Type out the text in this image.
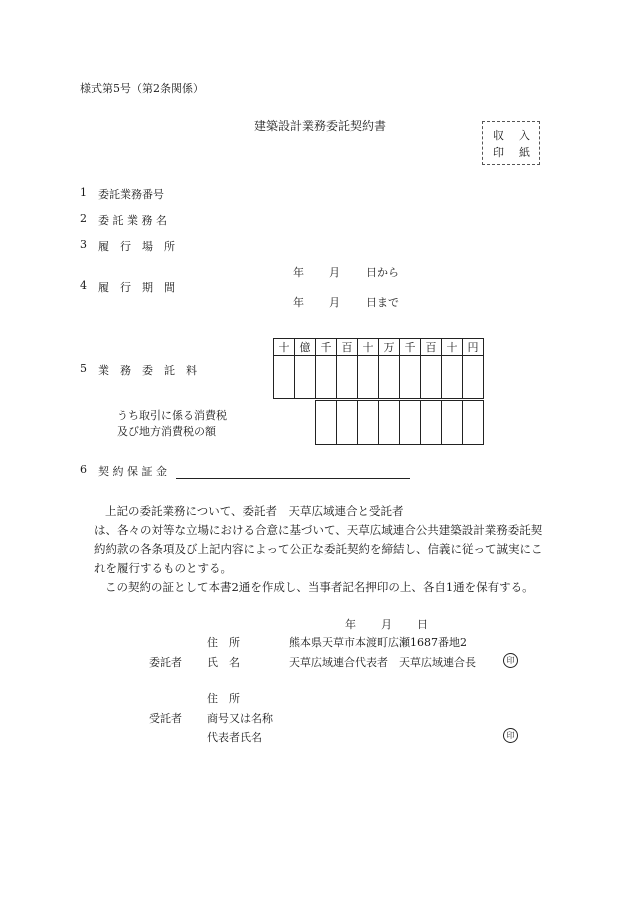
様式第5号（第2条関係）
建築設計業務委託契約書
収 入
印 紙
1 委託業務番号
2 委 託 業 務 名
3 履　行　場　所
年 月 日から
4 履　行　期　間
年 月 日まで
十	億	千	百	十	万	千	百	十	円

5 業　務　委　託　料

うち取引に係る消費税
及び地方消費税の額
6 契 約 保 証 金

上記の委託業務について、委託者　天草広域連合と受託者

は、各々の対等な立場における合意に基づいて、天草広域連合公共建築設計業務委託契

約約款の各条項及び上記内容によって公正な委託契約を締結し、信義に従って誠実にこ

れを履行するものとする。

この契約の証として本書2通を作成し、当事者記名押印の上、各自1通を保有する。

年 月 日
住　所	熊本県天草市本渡町広瀬1687番地2
委託者 氏　名	天草広域連合代表者　天草広域連合長	印
住　所
受託者 商号又は名称
代表者氏名	印
